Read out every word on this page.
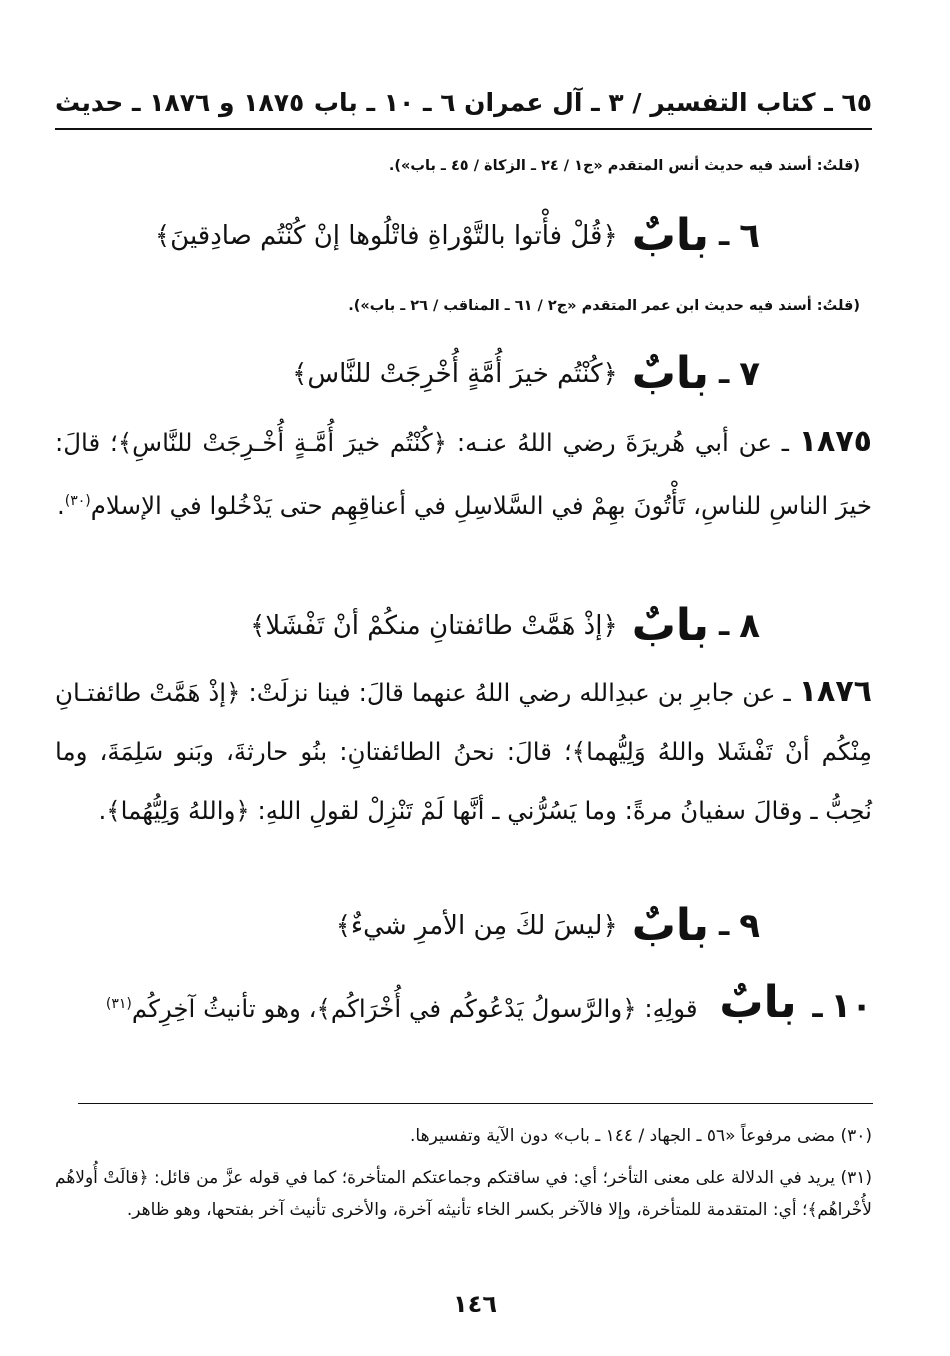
٦٥ ـ كتاب التفسير / ٣ ـ آل عمران ٦ ـ ١٠ ـ باب
١٨٧٥ و ١٨٧٦ ـ حديث
(قلتُ: أسند فيه حديث أنس المتقدم «ج١ / ٢٤ ـ الزكاة / ٤٥ ـ باب»).
٦
ـ
بابٌ
﴿قُلْ فأْتوا بالتَّوْراةِ فاتْلُوها إنْ كُنْتُم صادِقينَ﴾
(قلتُ: أسند فيه حديث ابن عمر المتقدم «ج٢ / ٦١ ـ المناقب / ٢٦ ـ باب»).
٧
ـ
بابٌ
﴿كُنْتُم خيرَ أُمَّةٍ أُخْرِجَتْ للنَّاس﴾
١٨٧٥ ـ عن أبي هُريرَةَ رضي اللهُ عنـه: ﴿كُنْتُم خيرَ أُمَّـةٍ أُخْـرِجَتْ للنَّاسِ﴾؛ قالَ: خيرَ الناسِ للناسِ، تَأْتُونَ بهِمْ في السَّلاسِلِ في أعناقِهِم حتى يَدْخُلوا في الإسلام$^{(٣٠)}$.
٨
ـ
بابٌ
﴿إذْ هَمَّتْ طائفتانِ منكُمْ أنْ تَفْشَلا﴾
١٨٧٦ ـ عن جابرِ بن عبدِالله رضي اللهُ عنهما قالَ: فينا نزلَتْ: ﴿إذْ هَمَّتْ طائفتـانِ مِنْكُم أنْ تَفْشَلا واللهُ وَلِيُّهما﴾؛ قالَ: نحنُ الطائفتانِ: بنُو حارثةَ، وبَنو سَلِمَةَ، وما نُحِبُّ ـ وقالَ سفيانُ مرةً: وما يَسُرُّني ـ أنَّها لَمْ تَنْزِلْ لقولِ اللهِ: ﴿واللهُ وَلِيُّهُما﴾.
٩
ـ
بابٌ
﴿ليسَ لكَ مِن الأمرِ شيءٌ﴾
١٠ ـ بابٌ قولِهِ: ﴿والرَّسولُ يَدْعُوكُم في أُخْرَاكُم﴾، وهو تأنيثُ آخِرِكُم$^{(٣١)}$
(٣٠) مضى مرفوعاً «٥٦ ـ الجهاد / ١٤٤ ـ باب» دون الآية وتفسيرها.
(٣١) يريد في الدلالة على معنى التأخر؛ أي: في ساقتكم وجماعتكم المتأخرة؛ كما في قوله عزَّ من قائل: ﴿قالَتْ أُولاهُم لأُخْراهُم﴾؛ أي: المتقدمة للمتأخرة، وإلا فالآخر بكسر الخاء تأنيثه آخرة، والأخرى تأنيث آخر بفتحها، وهو ظاهر.
١٤٦
